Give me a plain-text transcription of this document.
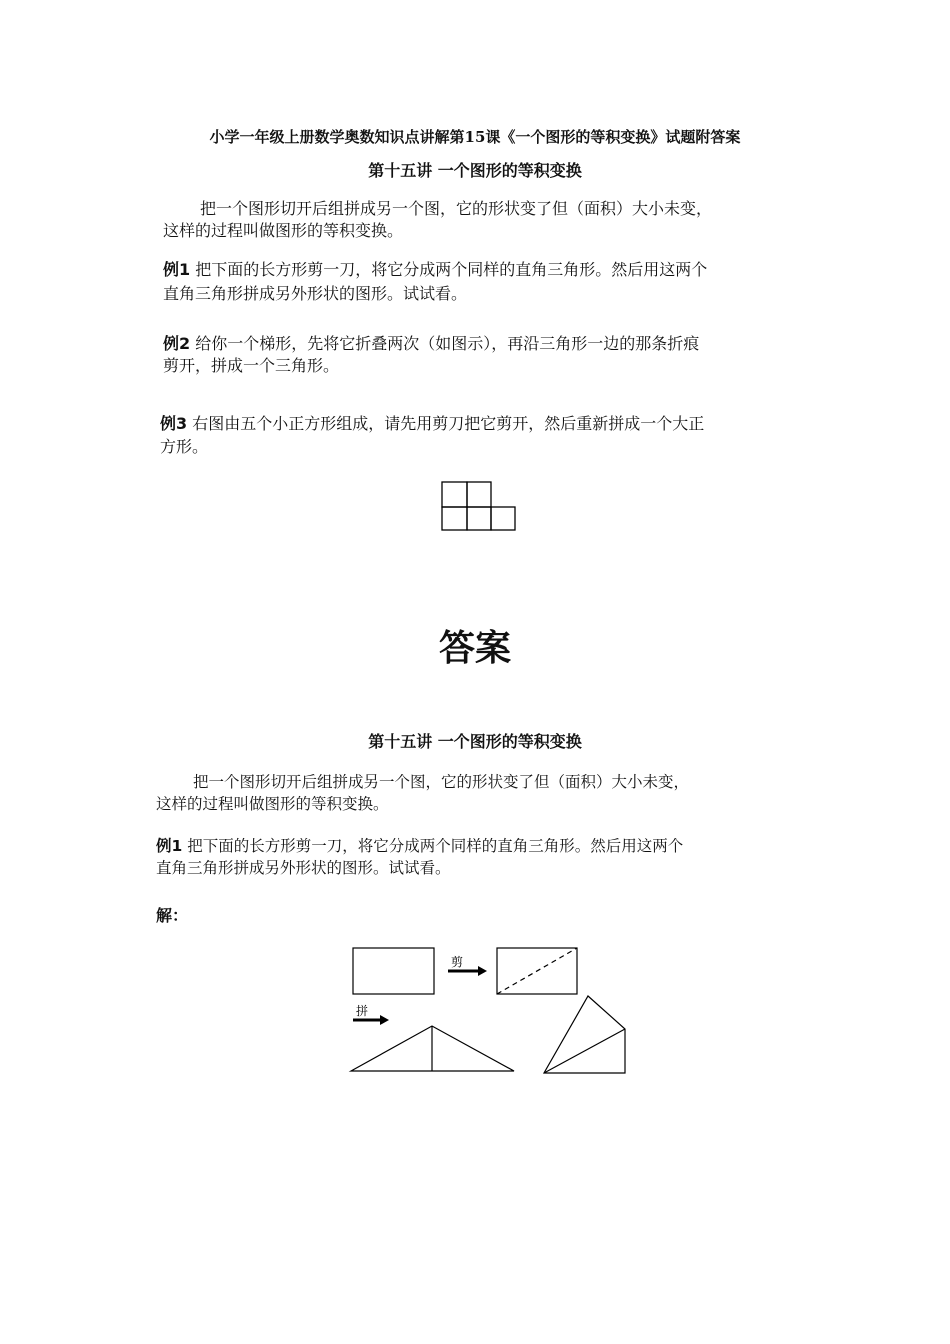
小学一年级上册数学奥数知识点讲解第15课《一个图形的等积变换》试题附答案
第十五讲 一个图形的等积变换
把一个图形切开后组拼成另一个图，它的形状变了但（面积）大小未变，
这样的过程叫做图形的等积变换。
例1 把下面的长方形剪一刀，将它分成两个同样的直角三角形。然后用这两个
直角三角形拼成另外形状的图形。试试看。
例2 给你一个梯形，先将它折叠两次（如图示），再沿三角形一边的那条折痕
剪开，拼成一个三角形。
例3 右图由五个小正方形组成，请先用剪刀把它剪开，然后重新拼成一个大正
方形。
答案
第十五讲 一个图形的等积变换
把一个图形切开后组拼成另一个图，它的形状变了但（面积）大小未变，
这样的过程叫做图形的等积变换。
例1 把下面的长方形剪一刀，将它分成两个同样的直角三角形。然后用这两个
直角三角形拼成另外形状的图形。试试看。
解：
剪
拼
